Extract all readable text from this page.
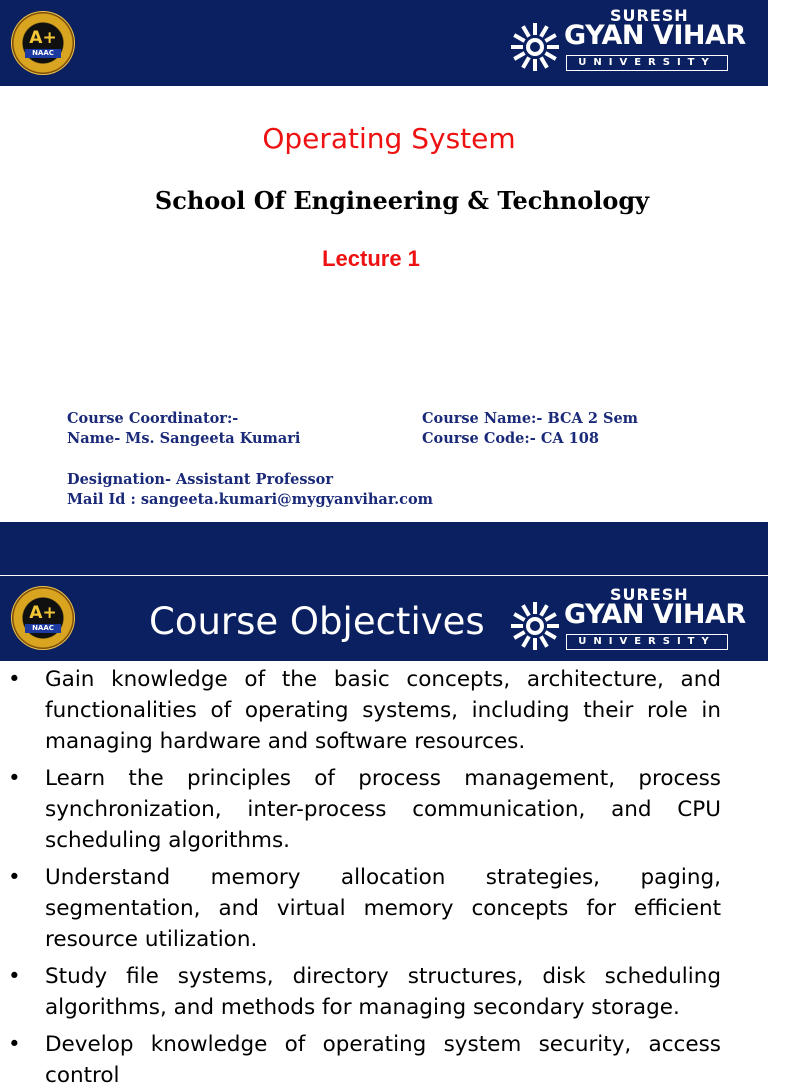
A+
NAAC
SURESH
GYAN VIHAR
UNIVERSITY
Operating System
School Of Engineering & Technology
Lecture 1
Course Coordinator:-
Name- Ms. Sangeeta Kumari
Designation- Assistant Professor
Mail Id : sangeeta.kumari@mygyanvihar.com
Course Name:- BCA 2 Sem
Course Code:- CA 108
A+
NAAC	Course Objectives
SURESH
GYAN VIHAR
UNIVERSITY
• Gain knowledge of the basic concepts, architecture, and functionalities of operating systems, including their role in managing hardware and software resources.
• Learn the principles of process management, process synchronization, inter-process communication, and CPU scheduling algorithms.
• Understand memory allocation strategies, paging, segmentation, and virtual memory concepts for efficient resource utilization.
• Study file systems, directory structures, disk scheduling algorithms, and methods for managing secondary storage.
• Develop knowledge of operating system security, access control
